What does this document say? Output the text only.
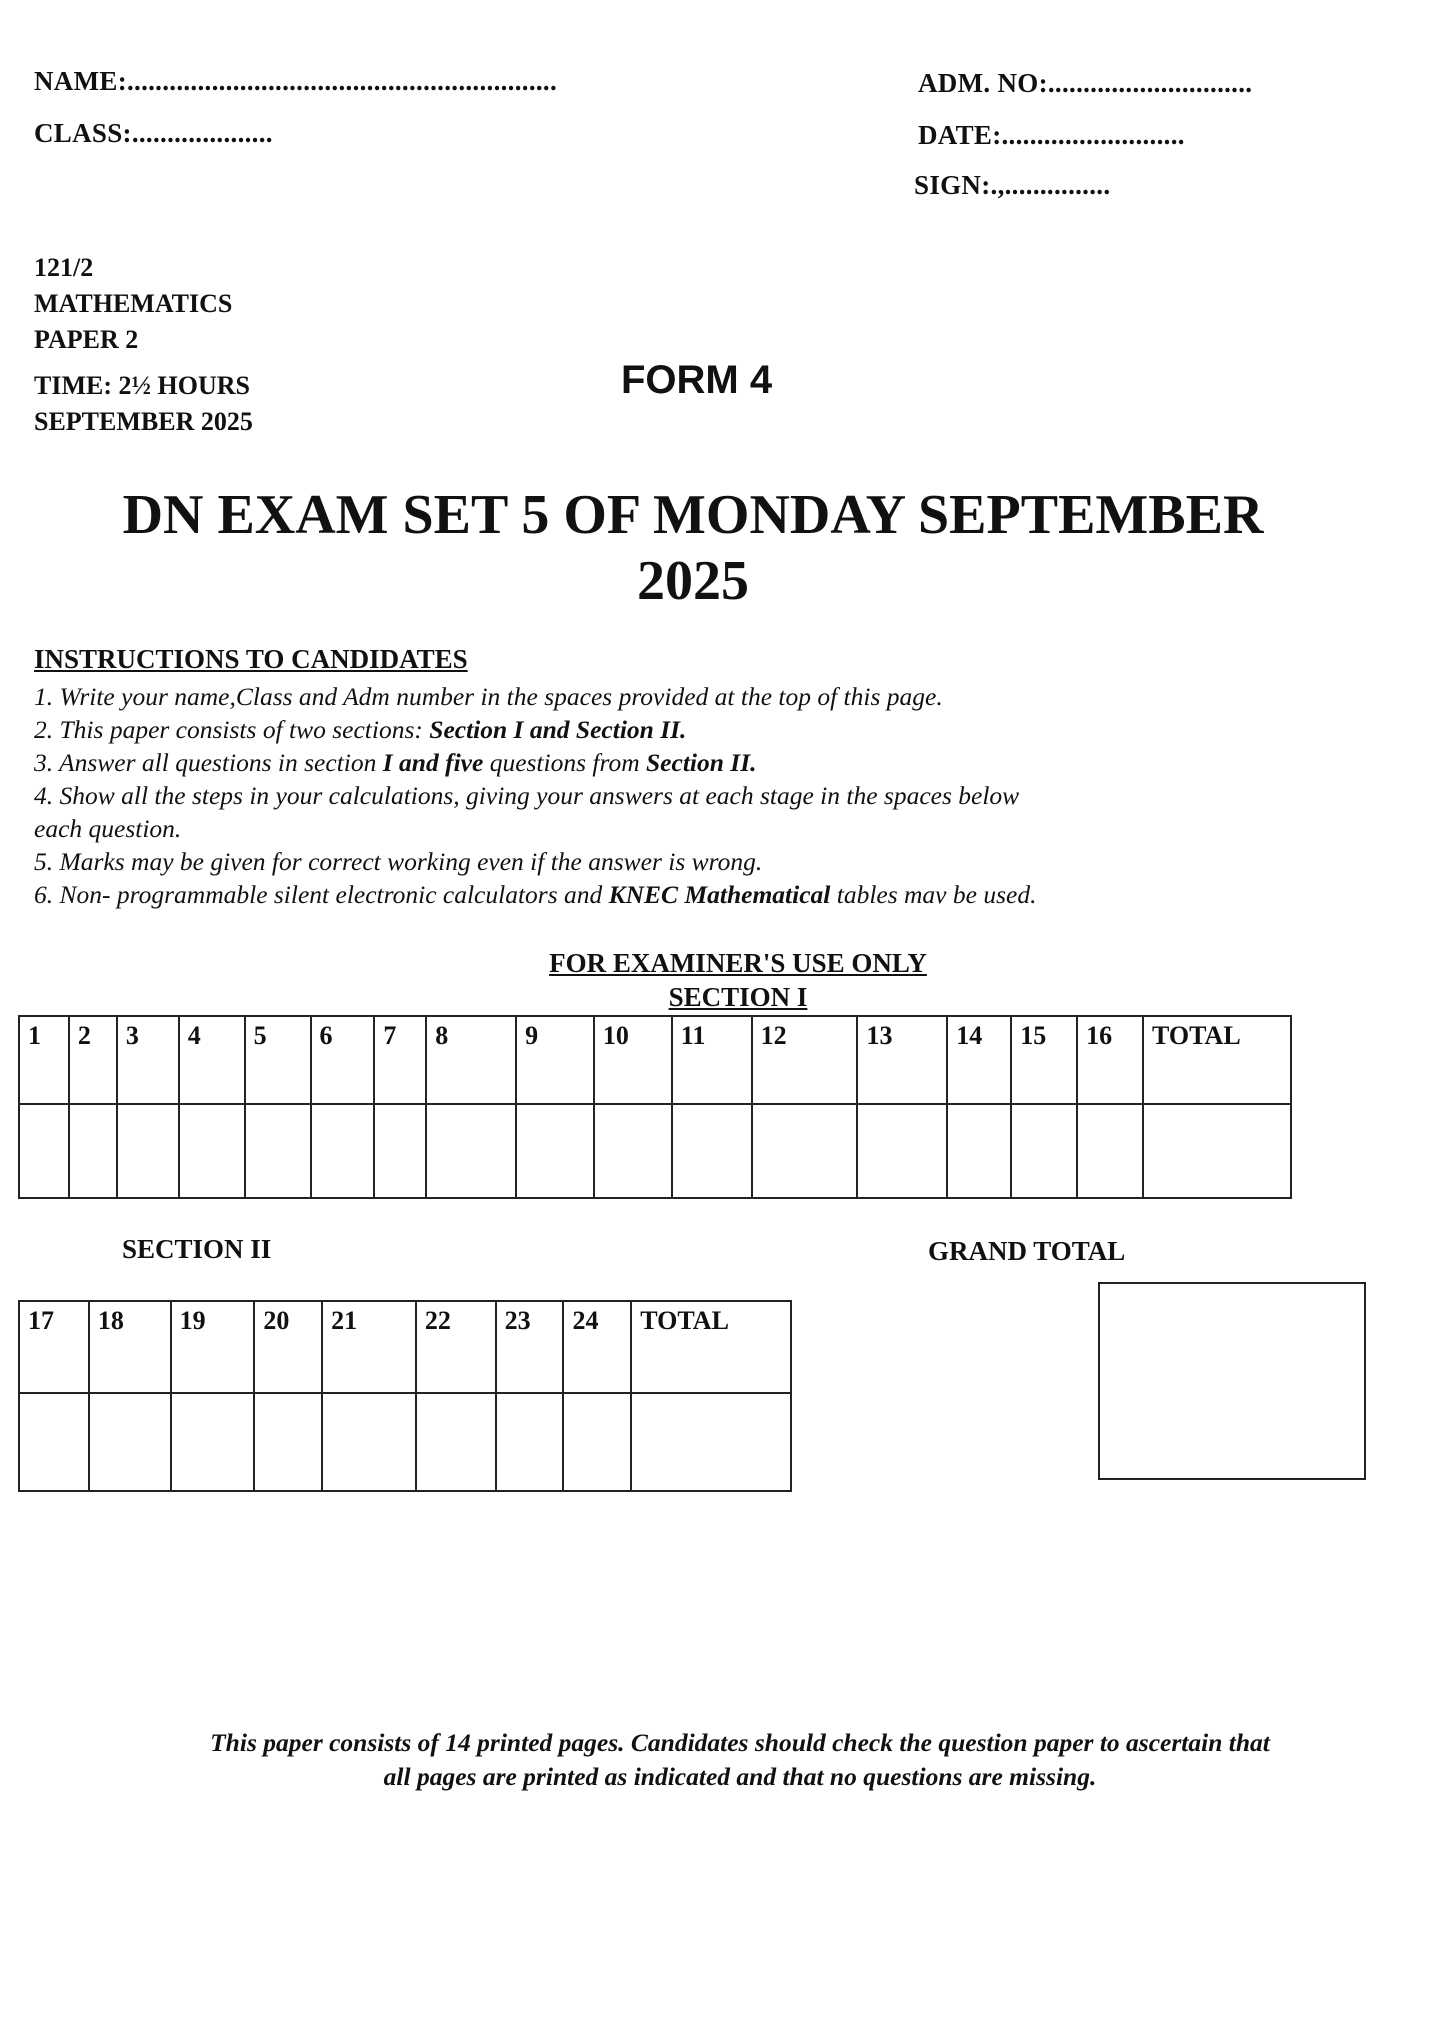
NAME:.............................................................
CLASS:....................
ADM. NO:.............................
DATE:..........................
SIGN:.,...............
121/2
MATHEMATICS
PAPER 2
TIME: 2½ HOURS
SEPTEMBER 2025
FORM 4
DN EXAM SET 5 OF MONDAY SEPTEMBER
2025
INSTRUCTIONS TO CANDIDATES
1. Write your name,Class and Adm number in the spaces provided at the top of this page.
2. This paper consists of two sections: Section I and Section II.
3. Answer all questions in section I and five questions from Section II.
4. Show all the steps in your calculations, giving your answers at each stage in the spaces below
each question.
5. Marks may be given for correct working even if the answer is wrong.
6. Non- programmable silent electronic calculators and KNEC Mathematical tables mav be used.
FOR EXAMINER'S USE ONLY
SECTION I
1	2	3	4	5	6	7	8	9	10	11	12	13	14	15	16	TOTAL

SECTION II	GRAND TOTAL
17	18	19	20	21	22	23	24	TOTAL

This paper consists of 14 printed pages. Candidates should check the question paper to ascertain that
all pages are printed as indicated and that no questions are missing.
